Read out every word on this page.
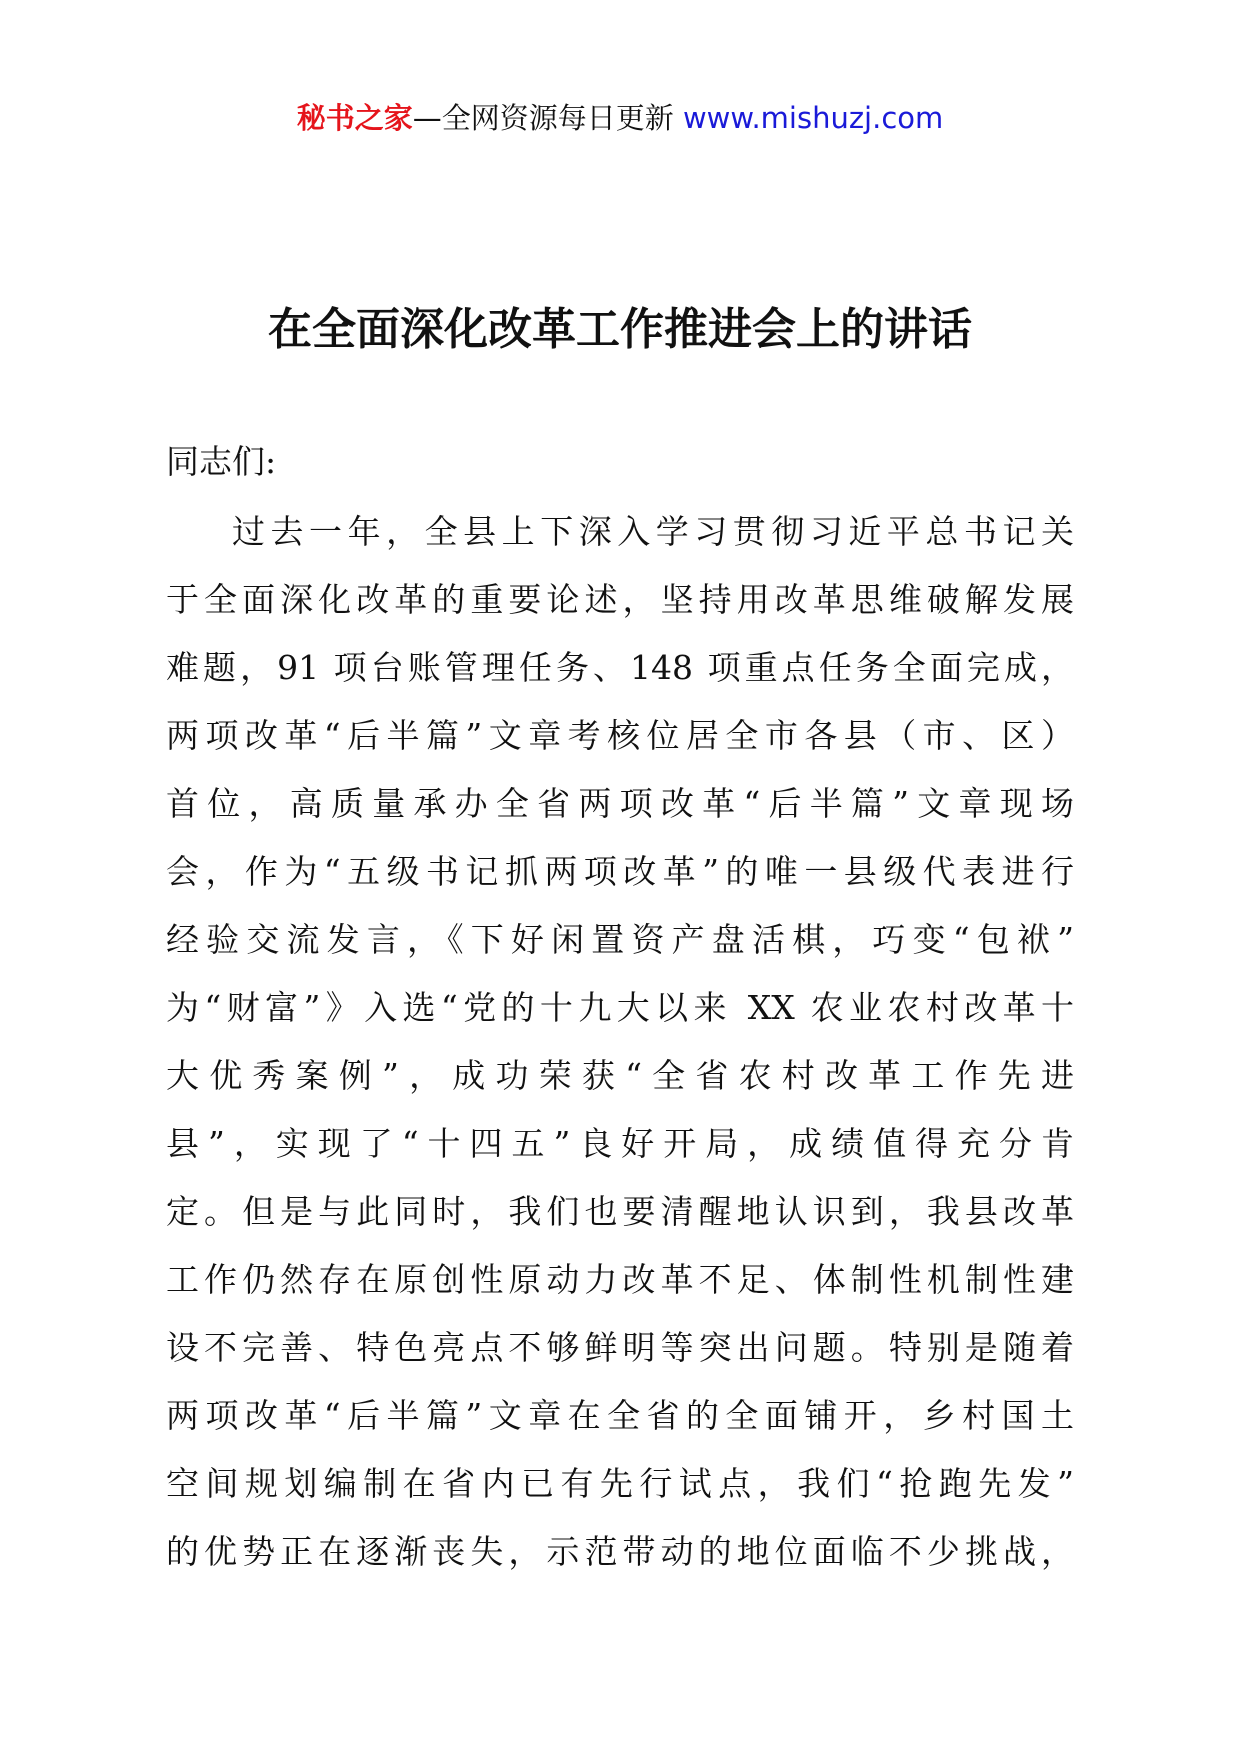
秘书之家—全网资源每日更新 www.mishuzj.com
在全面深化改革工作推进会上的讲话
同志们:
过去一年，全县上下深入学习贯彻习近平总书记关
于全面深化改革的重要论述，坚持用改革思维破解发展
难题，91 项台账管理任务、148 项重点任务全面完成，
两项改革“后半篇”文章考核位居全市各县（市、区）
首位，高质量承办全省两项改革“后半篇”文章现场
会，作为“五级书记抓两项改革”的唯一县级代表进行
经验交流发言，《下好闲置资产盘活棋，巧变“包袱”
为“财富”》入选“党的十九大以来 XX 农业农村改革十
大优秀案例”，成功荣获“全省农村改革工作先进
县”，实现了“十四五”良好开局，成绩值得充分肯
定。但是与此同时，我们也要清醒地认识到，我县改革
工作仍然存在原创性原动力改革不足、体制性机制性建
设不完善、特色亮点不够鲜明等突出问题。特别是随着
两项改革“后半篇”文章在全省的全面铺开，乡村国土
空间规划编制在省内已有先行试点，我们“抢跑先发”
的优势正在逐渐丧失，示范带动的地位面临不少挑战，
